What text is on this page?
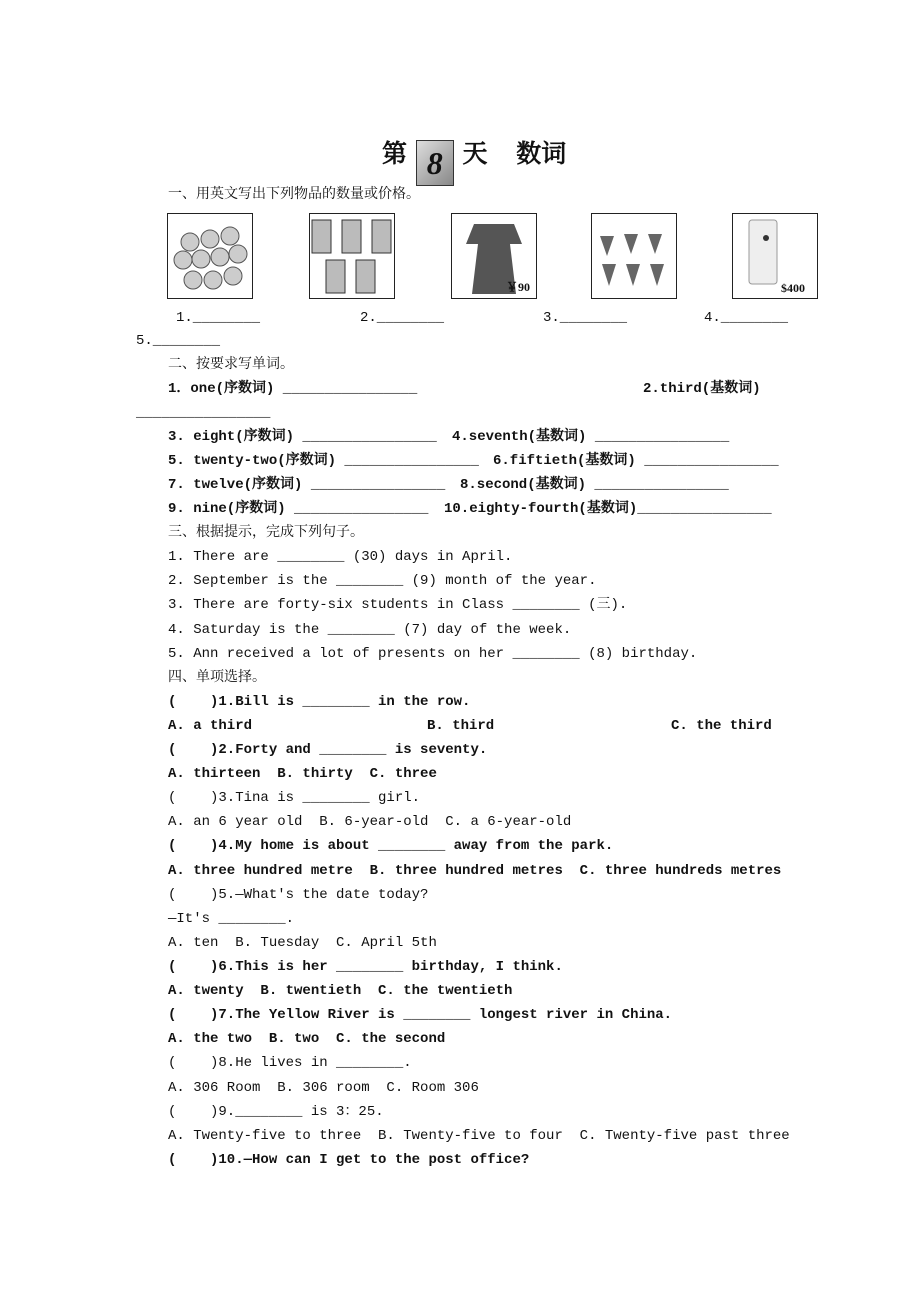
第 8 天 数词
一、用英文写出下列物品的数量或价格。
￥90	$400
1.________	2.________	3.________	4.________
5.________
二、按要求写单词。
1．one(序数词) ________________	2.third(基数词)
________________
3. eight(序数词) ________________ 4.seventh(基数词) ________________
5. twenty-two(序数词) ________________ 6.fiftieth(基数词) ________________
7. twelve(序数词) ________________ 8.second(基数词) ________________
9. nine(序数词) ________________ 10.eighty-fourth(基数词)________________
三、根据提示，完成下列句子。
1. There are ________ (30) days in April.
2. September is the ________ (9) month of the year.
3. There are forty-six students in Class ________ (三).
4. Saturday is the ________ (7) day of the week.
5. Ann received a lot of presents on her ________ (8) birthday.
四、单项选择。
(    )1.Bill is ________ in the row.
A. a third	B. third	C. the third
(    )2.Forty and ________ is seventy.
A. thirteen  B. thirty  C. three
(    )3.Tina is ________ girl.
A. an 6 year old  B. 6-year-old  C. a 6-year-old
(    )4.My home is about ________ away from the park.
A. three hundred metre  B. three hundred metres  C. three hundreds metres
(    )5.—What's the date today?
—It's ________.
A. ten  B. Tuesday  C. April 5th
(    )6.This is her ________ birthday, I think.
A. twenty  B. twentieth  C. the twentieth
(    )7.The Yellow River is ________ longest river in China.
A. the two  B. two  C. the second
(    )8.He lives in ________.
A. 306 Room  B. 306 room  C. Room 306
(    )9.________ is 3：25.
A. Twenty-five to three  B. Twenty-five to four  C. Twenty-five past three
(    )10.—How can I get to the post office?
